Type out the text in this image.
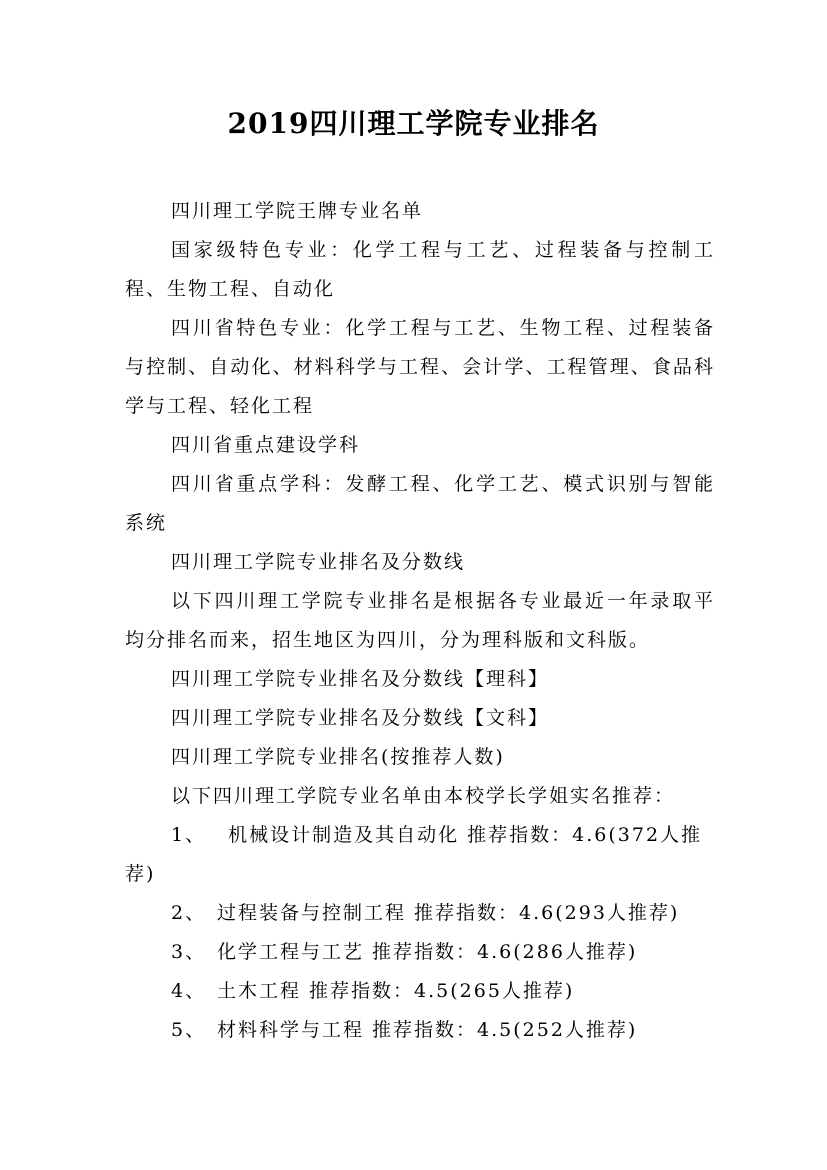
2019四川理工学院专业排名

四川理工学院王牌专业名单

国家级特色专业：化学工程与工艺、过程装备与控制工程、生物工程、自动化

四川省特色专业：化学工程与工艺、生物工程、过程装备与控制、自动化、材料科学与工程、会计学、工程管理、食品科学与工程、轻化工程

四川省重点建设学科

四川省重点学科：发酵工程、化学工艺、模式识别与智能系统

四川理工学院专业排名及分数线

以下四川理工学院专业排名是根据各专业最近一年录取平均分排名而来，招生地区为四川，分为理科版和文科版。

四川理工学院专业排名及分数线【理科】

四川理工学院专业排名及分数线【文科】

四川理工学院专业排名(按推荐人数)

以下四川理工学院专业名单由本校学长学姐实名推荐：

1、 机械设计制造及其自动化 推荐指数：4.6(372人推荐)

2、 过程装备与控制工程 推荐指数：4.6(293人推荐)

3、 化学工程与工艺 推荐指数：4.6(286人推荐)

4、 土木工程 推荐指数：4.5(265人推荐)

5、 材料科学与工程 推荐指数：4.5(252人推荐)
